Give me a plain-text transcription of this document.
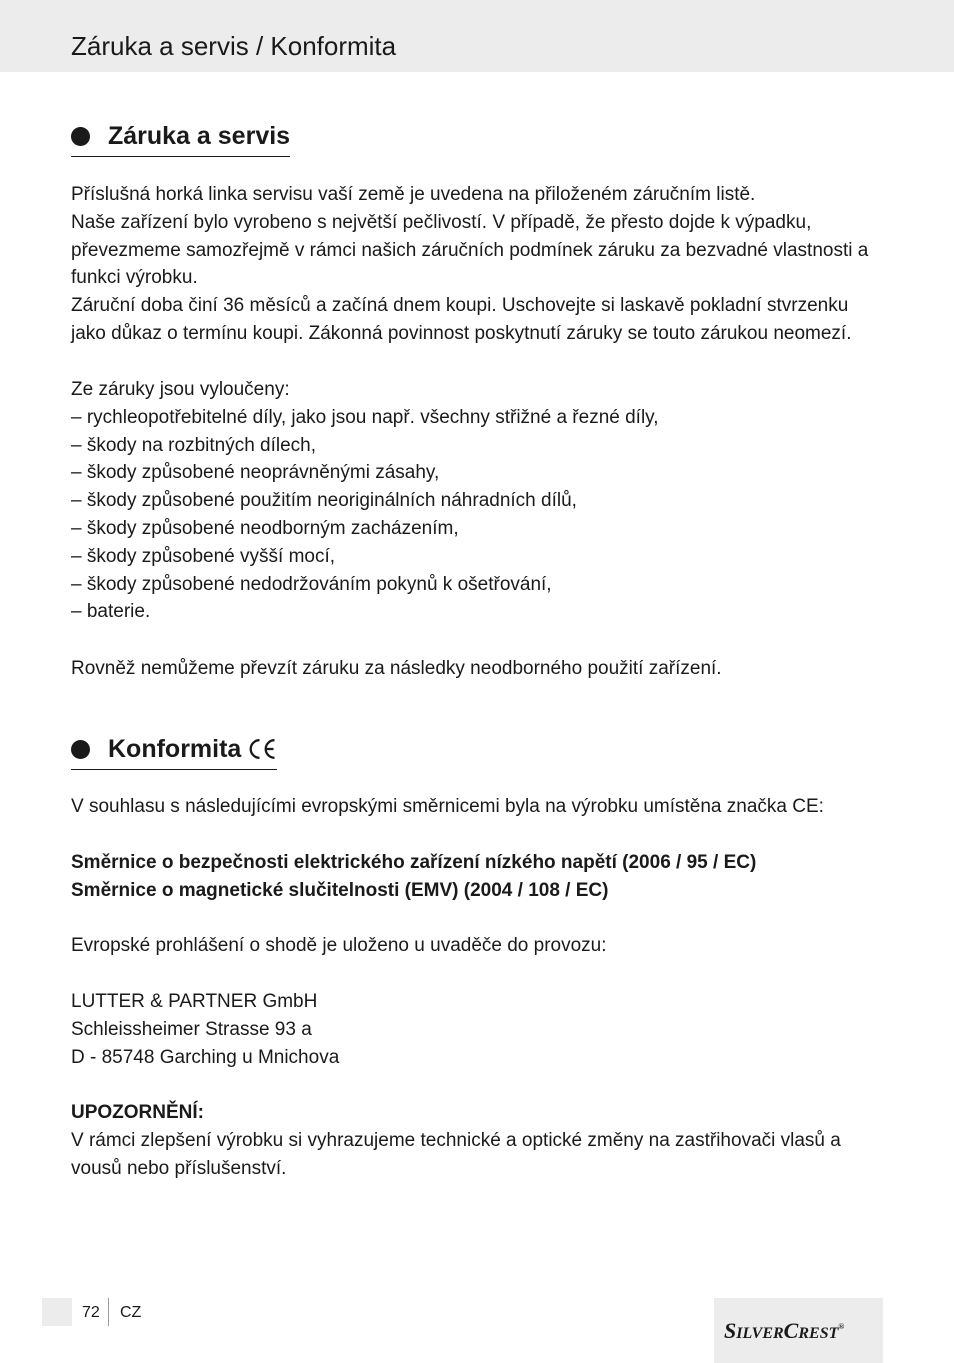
Záruka a servis / Konformita
Záruka a servis

Příslušná horká linka servisu vaší země je uvedena na přiloženém záručním listě.

Naše zařízení bylo vyrobeno s největší pečlivostí. V případě, že přesto dojde k výpadku, převezmeme samozřejmě v rámci našich záručních podmínek záruku za bezvadné vlastnosti a funkci výrobku.

Záruční doba činí 36 měsíců a začíná dnem koupi. Uschovejte si laskavě pokladní stvrzenku jako důkaz o termínu koupi. Zákonná povinnost poskytnutí záruky se touto zárukou neomezí.

Ze záruky jsou vyloučeny:

– rychleopotřebitelné díly, jako jsou např. všechny střižné a řezné díly,

– škody na rozbitných dílech,

– škody způsobené neoprávněnými zásahy,

– škody způsobené použitím neoriginálních náhradních dílů,

– škody způsobené neodborným zacházením,

– škody způsobené vyšší mocí,

– škody způsobené nedodržováním pokynů k ošetřování,

– baterie.

Rovněž nemůžeme převzít záruku za následky neodborného použití zařízení.
Konformita
V souhlasu s následujícími evropskými směrnicemi byla na výrobku umístěna značka CE:

Směrnice o bezpečnosti elektrického zařízení nízkého napětí (2006 / 95 / EC)

Směrnice o magnetické slučitelnosti (EMV) (2004 / 108 / EC)

Evropské prohlášení o shodě je uloženo u uvaděče do provozu:

LUTTER & PARTNER GmbH

Schleissheimer Strasse 93 a

D - 85748 Garching u Mnichova

UPOZORNĚNÍ:

V rámci zlepšení výrobku si vyhrazujeme technické a optické změny na zastřihovači vlasů a vousů nebo příslušenství.

72 CZ
SILVERCREST®
